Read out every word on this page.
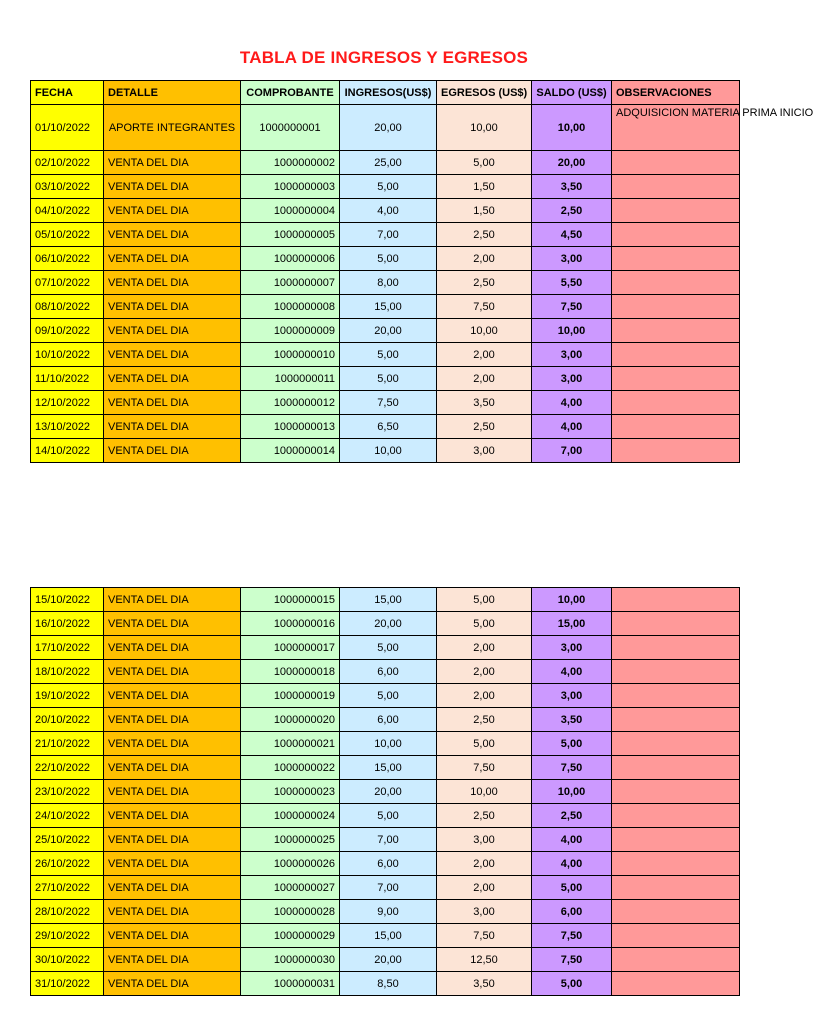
TABLA DE INGRESOS Y EGRESOS
FECHA	DETALLE	COMPROBANTE	INGRESOS(US$)	EGRESOS (US$)	SALDO (US$)	OBSERVACIONES
01/10/2022	APORTE INTEGRANTES	1000000001	20,00	10,00	10,00	ADQUISICION MATERIA PRIMA INICIO
02/10/2022	VENTA DEL DIA	1000000002	25,00	5,00	20,00	
03/10/2022	VENTA DEL DIA	1000000003	5,00	1,50	3,50	
04/10/2022	VENTA DEL DIA	1000000004	4,00	1,50	2,50	
05/10/2022	VENTA DEL DIA	1000000005	7,00	2,50	4,50	
06/10/2022	VENTA DEL DIA	1000000006	5,00	2,00	3,00	
07/10/2022	VENTA DEL DIA	1000000007	8,00	2,50	5,50	
08/10/2022	VENTA DEL DIA	1000000008	15,00	7,50	7,50	
09/10/2022	VENTA DEL DIA	1000000009	20,00	10,00	10,00	
10/10/2022	VENTA DEL DIA	1000000010	5,00	2,00	3,00	
11/10/2022	VENTA DEL DIA	1000000011	5,00	2,00	3,00	
12/10/2022	VENTA DEL DIA	1000000012	7,50	3,50	4,00	
13/10/2022	VENTA DEL DIA	1000000013	6,50	2,50	4,00	
14/10/2022	VENTA DEL DIA	1000000014	10,00	3,00	7,00	
15/10/2022	VENTA DEL DIA	1000000015	15,00	5,00	10,00	
16/10/2022	VENTA DEL DIA	1000000016	20,00	5,00	15,00	
17/10/2022	VENTA DEL DIA	1000000017	5,00	2,00	3,00	
18/10/2022	VENTA DEL DIA	1000000018	6,00	2,00	4,00	
19/10/2022	VENTA DEL DIA	1000000019	5,00	2,00	3,00	
20/10/2022	VENTA DEL DIA	1000000020	6,00	2,50	3,50	
21/10/2022	VENTA DEL DIA	1000000021	10,00	5,00	5,00	
22/10/2022	VENTA DEL DIA	1000000022	15,00	7,50	7,50	
23/10/2022	VENTA DEL DIA	1000000023	20,00	10,00	10,00	
24/10/2022	VENTA DEL DIA	1000000024	5,00	2,50	2,50	
25/10/2022	VENTA DEL DIA	1000000025	7,00	3,00	4,00	
26/10/2022	VENTA DEL DIA	1000000026	6,00	2,00	4,00	
27/10/2022	VENTA DEL DIA	1000000027	7,00	2,00	5,00	
28/10/2022	VENTA DEL DIA	1000000028	9,00	3,00	6,00	
29/10/2022	VENTA DEL DIA	1000000029	15,00	7,50	7,50	
30/10/2022	VENTA DEL DIA	1000000030	20,00	12,50	7,50	
31/10/2022	VENTA DEL DIA	1000000031	8,50	3,50	5,00	
